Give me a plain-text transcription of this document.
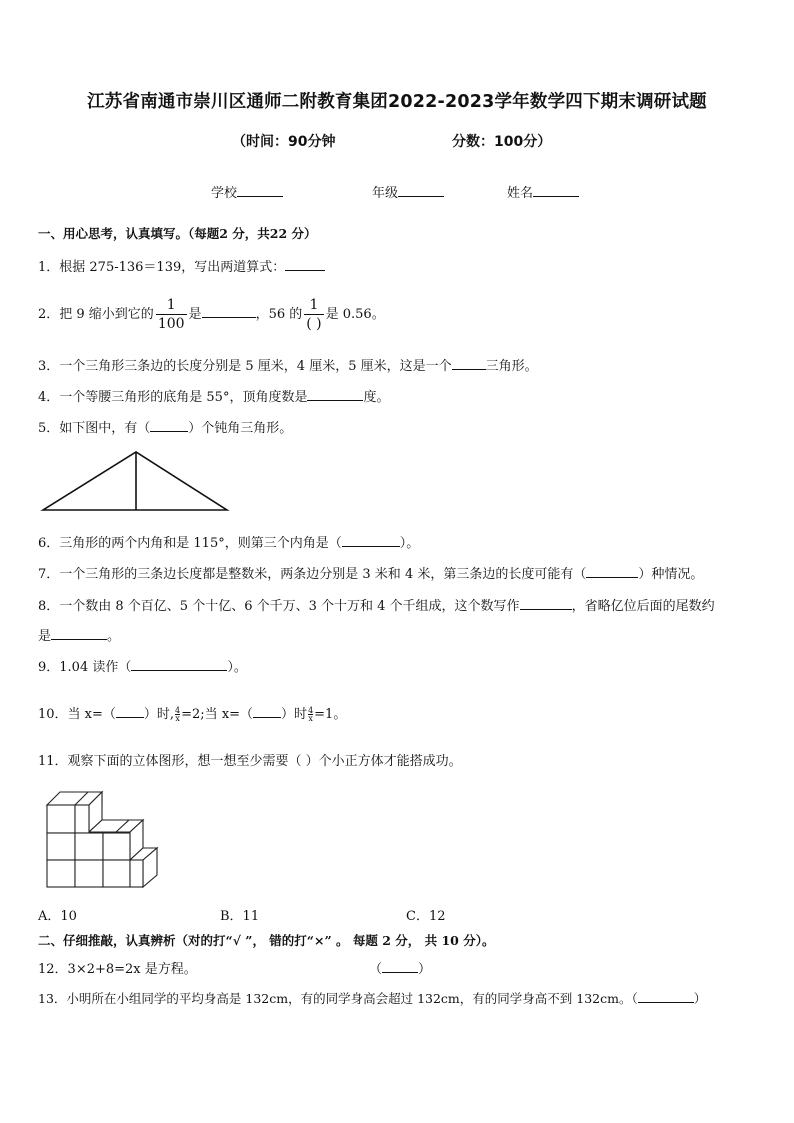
江苏省南通市崇川区通师二附教育集团2022-2023学年数学四下期末调研试题
（时间：90分钟	分数：100分）
学校	年级	姓名
一、用心思考，认真填写。（每题2 分，共22 分）
1．根据 275-136＝139，写出两道算式：
2．把 9 缩小到它的 $\frac{1}{100}$ 是	，56 的 $\frac{1}{( )}$ 是 0.56。
3．一个三角形三条边的长度分别是 5 厘米，4 厘米，5 厘米，这是一个	三角形。
4．一个等腰三角形的底角是 55°，顶角度数是	度。
5．如下图中，有（	）个钝角三角形。
6．三角形的两个内角和是 115°，则第三个内角是（	）。
7．一个三角形的三条边长度都是整数米，两条边分别是 3 米和 4 米，第三条边的长度可能有（	）种情况。
8．一个数由 8 个百亿、5 个十亿、6 个千万、3 个十万和 4 个千组成，这个数写作	，省略亿位后面的尾数约
是	。
9．1.04 读作（	）。
10．当 x=（ ）时, $\frac{4}{x} =2$;当 x=（ ）时 $\frac{4}{x} =1$。
11．观察下面的立体图形，想一想至少需要（ ）个小正方体才能搭成功。
A．10	B．11	C．12
二、仔细推敲，认真辨析（对的打“√ ”， 错的打“×” 。 每题 2 分， 共 10 分）。
12．3×2+8=2x 是方程。	（	）
13．小明所在小组同学的平均身高是 132cm，有的同学身高会超过 132cm，有的同学身高不到 132cm。（	）
